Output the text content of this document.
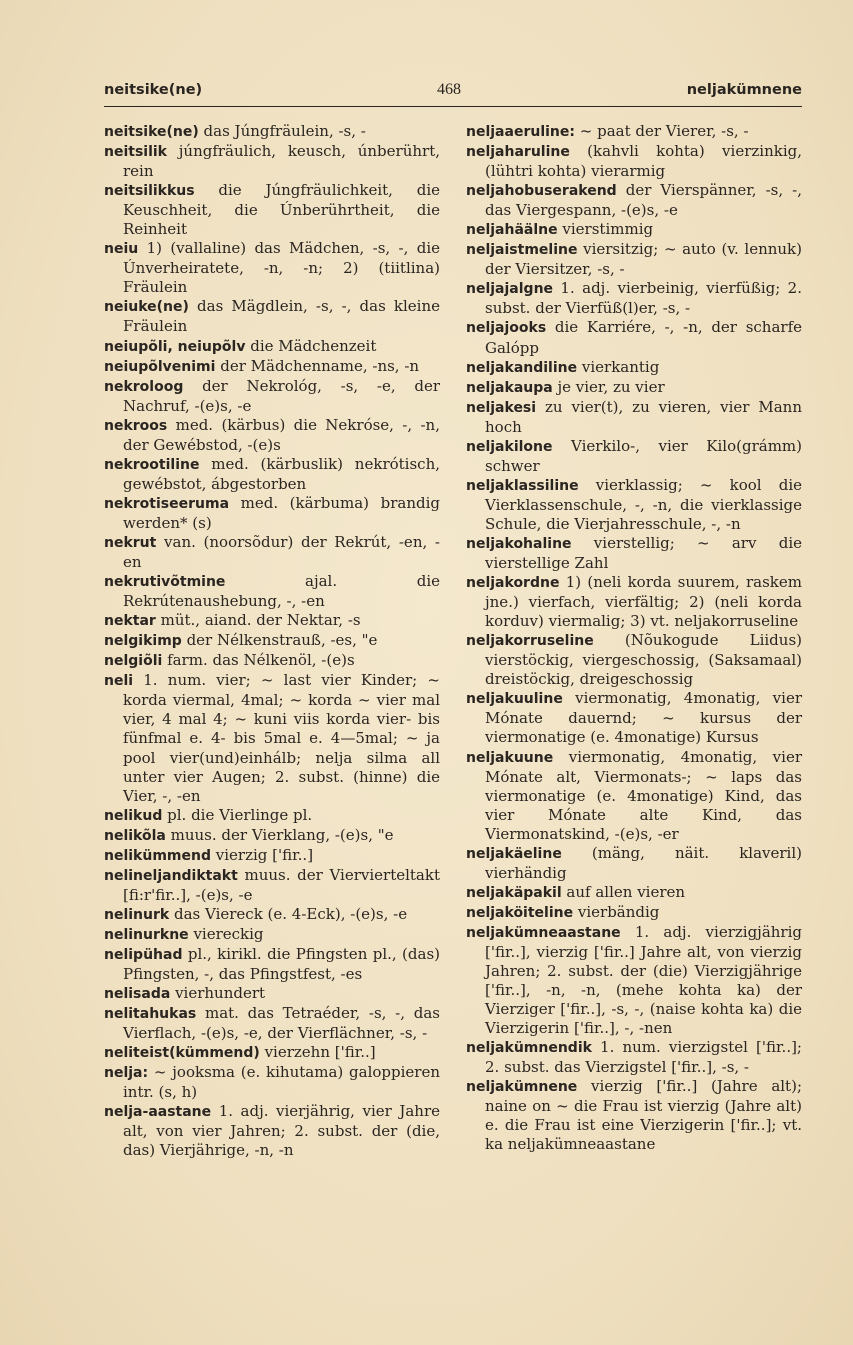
neitsike(ne)	468	neljakümnene

neitsike(ne) das Júngfräulein, -s, -

neitsilik júngfräulich, keusch, únberührt, rein

neitsilikkus die Júngfräulichkeit, die Keuschheit, die Únberührtheit, die Reinheit

neiu 1) (vallaline) das Mädchen, -s, -, die Únverheiratete, -n, -n; 2) (tiitlina) Fräulein

neiuke(ne) das Mägdlein, -s, -, das kleine Fräulein

neiupõli, neiupõlv die Mädchenzeit

neiupõlvenimi der Mädchenname, -ns, -n

nekroloog der Nekrológ, -s, -e, der Nachruf, -(e)s, -e

nekroos med. (kärbus) die Nekróse, -, -n, der Gewébstod, -(e)s

nekrootiline med. (kärbuslik) nekrótisch, gewébstot, ábgestorben

nekrotiseeruma med. (kärbuma) brandig werden* (s)

nekrut van. (noorsõdur) der Rekrút, -en, -en

nekrutivõtmine ajal. die Rekrútenaushebung, -, -en

nektar müt., aiand. der Nektar, -s

nelgikimp der Nélkenstrauß, -es, "e

nelgiõli farm. das Nélkenöl, -(e)s

neli 1. num. vier; ~ last vier Kinder; ~ korda viermal, 4mal; ~ korda ~ vier mal vier, 4 mal 4; ~ kuni viis korda vier- bis fünfmal e. 4- bis 5mal e. 4—5mal; ~ ja pool vier(und)einhálb; nelja silma all unter vier Augen; 2. subst. (hinne) die Vier, -, -en

nelikud pl. die Vierlinge pl.

nelikõla muus. der Vierklang, -(e)s, "e

nelikümmend vierzig ['fir..]

nelineljandiktakt muus. der Viervierteltakt [fi:r'fir..], -(e)s, -e

nelinurk das Viereck (e. 4-Eck), -(e)s, -e

nelinurkne viereckig

nelipühad pl., kirikl. die Pfingsten pl., (das) Pfingsten, -, das Pfingstfest, -es

nelisada vierhundert

nelitahukas mat. das Tetraéder, -s, -, das Vierflach, -(e)s, -e, der Vierflächner, -s, -

neliteist(kümmend) vierzehn ['fir..]

nelja: ~ jooksma (e. kihutama) galoppieren intr. (s, h)

nelja-aastane 1. adj. vierjährig, vier Jahre alt, von vier Jahren; 2. subst. der (die, das) Vierjährige, -n, -n

neljaaeruline: ~ paat der Vierer, -s, -

neljaharuline (kahvli kohta) vierzinkig, (lühtri kohta) vierarmig

neljahobuserakend der Vierspänner, -s, -, das Viergespann, -(e)s, -e

neljahäälne vierstimmig

neljaistmeline viersitzig; ~ auto (v. lennuk) der Viersitzer, -s, -

neljajalgne 1. adj. vierbeinig, vierfüßig; 2. subst. der Vierfüß(l)er, -s, -

neljajooks die Karriére, -, -n, der scharfe Galópp

neljakandiline vierkantig

neljakaupa je vier, zu vier

neljakesi zu vier(t), zu vieren, vier Mann hoch

neljakilone Vierkilo-, vier Kilo(grámm) schwer

neljaklassiline vierklassig; ~ kool die Vierklassenschule, -, -n, die vierklassige Schule, die Vierjahresschule, -, -n

neljakohaline vierstellig; ~ arv die vierstellige Zahl

neljakordne 1) (neli korda suurem, raskem jne.) vierfach, vierfältig; 2) (neli korda korduv) viermalig; 3) vt. neljakorruseline

neljakorruseline (Nõukogude Liidus) vierstöckig, viergeschossig, (Saksamaal) dreistöckig, dreigeschossig

neljakuuline viermonatig, 4monatig, vier Mónate dauernd; ~ kursus der viermonatige (e. 4monatige) Kursus

neljakuune viermonatig, 4monatig, vier Mónate alt, Viermonats-; ~ laps das viermonatige (e. 4monatige) Kind, das vier Mónate alte Kind, das Viermonatskind, -(e)s, -er

neljakäeline (mäng, näit. klaveril) vierhändig

neljakäpakil auf allen vieren

neljaköiteline vierbändig

neljakümneaastane 1. adj. vierzigjährig ['fir..], vierzig ['fir..] Jahre alt, von vierzig Jahren; 2. subst. der (die) Vierzigjährige ['fir..], -n, -n, (mehe kohta ka) der Vierziger ['fir..], -s, -, (naise kohta ka) die Vierzigerin ['fir..], -, -nen

neljakümnendik 1. num. vierzigstel ['fir..]; 2. subst. das Vierzigstel ['fir..], -s, -

neljakümnene vierzig ['fir..] (Jahre alt); naine on ~ die Frau ist vierzig (Jahre alt) e. die Frau ist eine Vierzigerin ['fir..]; vt. ka neljakümneaastane
